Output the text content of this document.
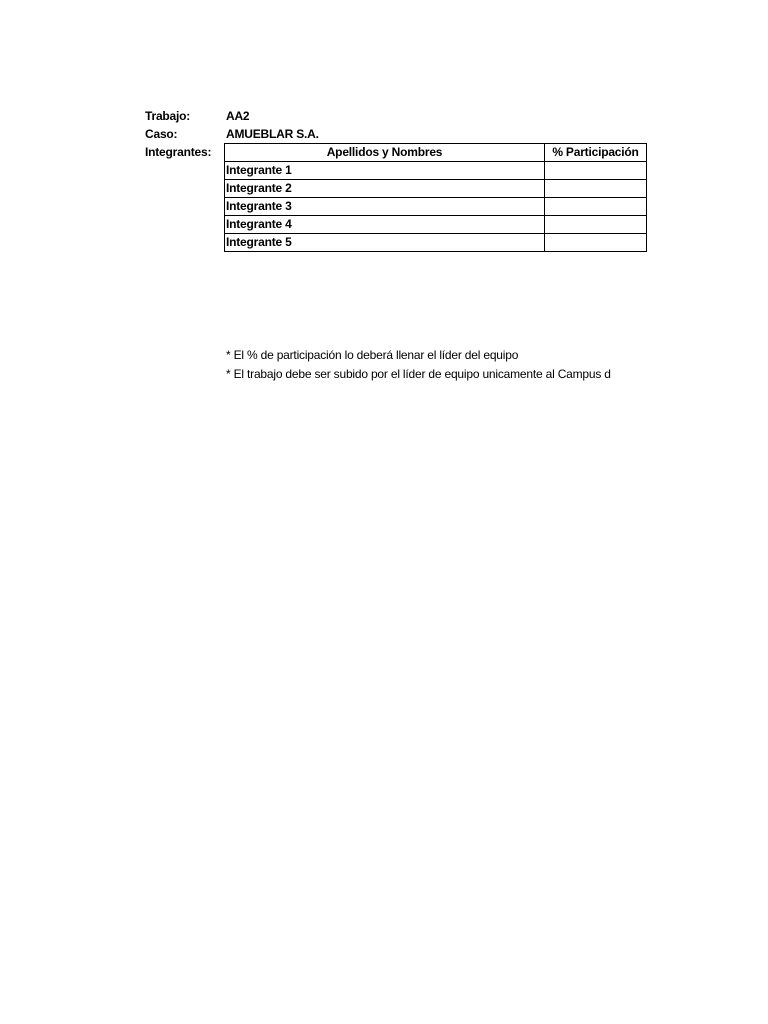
Trabajo:	AA2
Caso:	AMUEBLAR S.A.
Integrantes:	Apellidos y Nombres	% Participación
Integrante 1	
Integrante 2	
Integrante 3	
Integrante 4	
Integrante 5	
* El % de participación lo deberá llenar el líder del equipo
* El trabajo debe ser subido por el líder de equipo unicamente al Campus d
